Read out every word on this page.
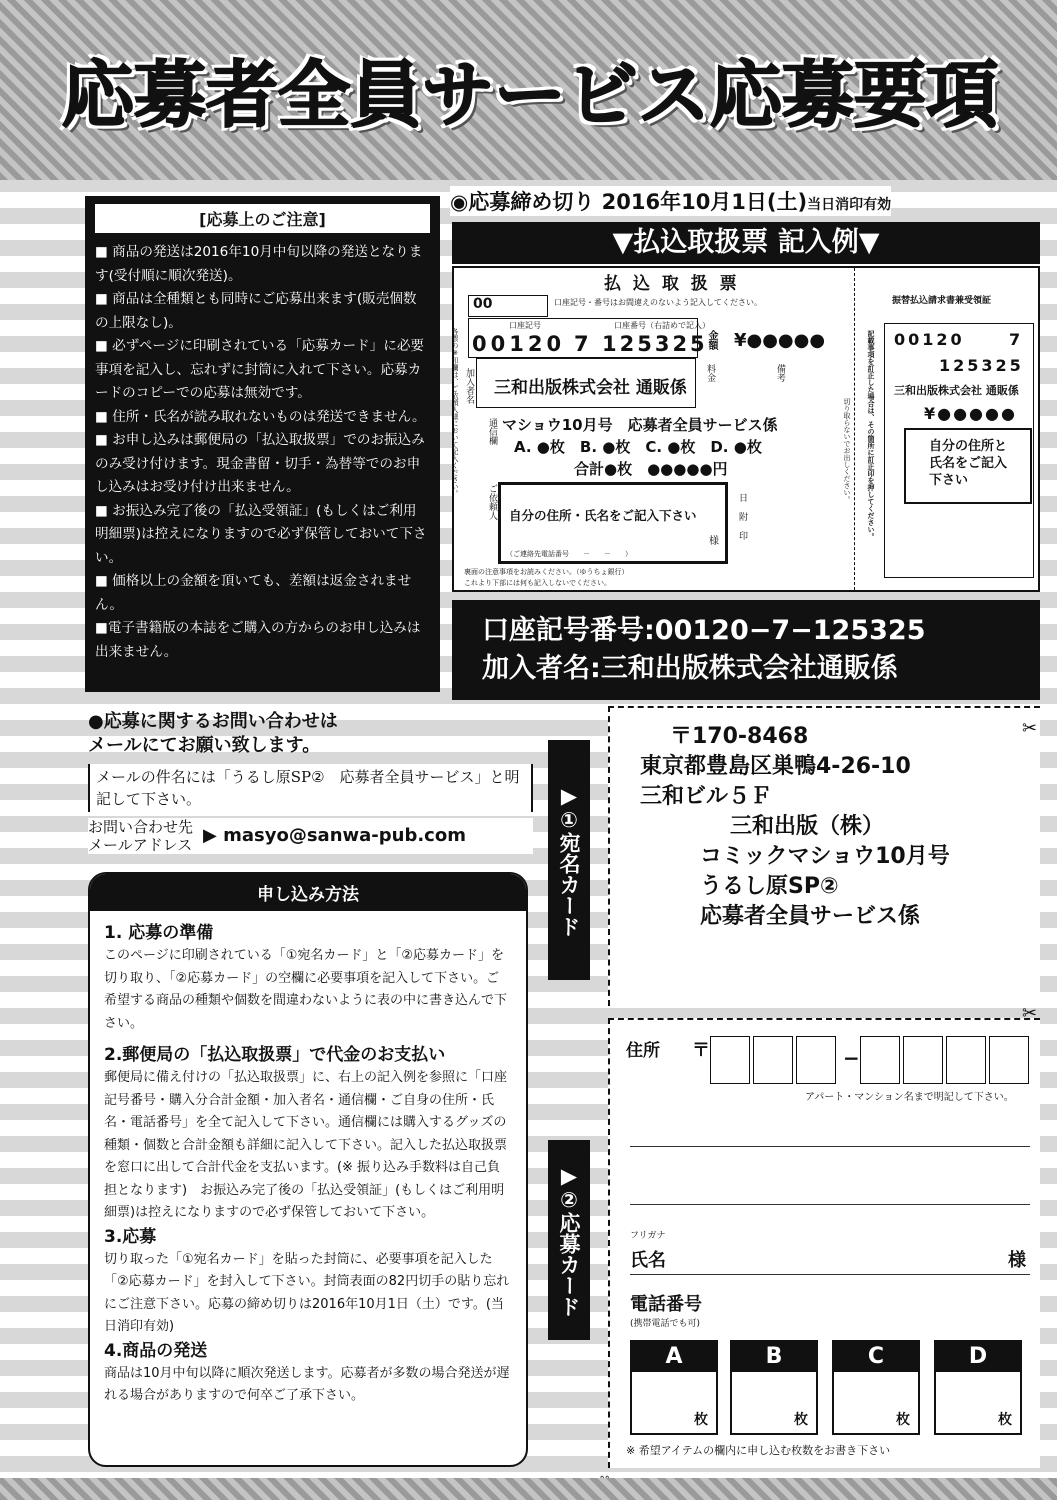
応募者全員サービス応募要項
◉応募締め切り 2016年10月1日(土)当日消印有効
[応募上のご注意]

■ 商品の発送は2016年10月中旬以降の発送となります(受付順に順次発送)。

■ 商品は全種類とも同時にご応募出来ます(販売個数の上限なし)。

■ 必ずページに印刷されている「応募カード」に必要事項を記入し、忘れずに封筒に入れて下さい。応募カードのコピーでの応募は無効です。

■ 住所・氏名が読み取れないものは発送できません。

■ お申し込みは郵便局の「払込取扱票」でのお振込みのみ受け付けます。現金書留・切手・為替等でのお申し込みはお受け付け出来ません。

■ お振込み完了後の「払込受領証」(もしくはご利用明細票)は控えになりますので必ず保管しておいて下さい。

■ 価格以上の金額を頂いても、差額は返金されません。

■電子書籍版の本誌をご購入の方からのお申し込みは出来ません。

▼払込取扱票 記入例▼
払 込 取 扱 票
口座記号・番号はお間違えのないよう記入してください。
00
口座記号	口座番号（右詰めで記入）
00120 7 125325
金額 ¥●●●●●
加入者名 三和出版株式会社 通販係
料金	備考
各票の※印欄は、ご依頼人様において記入ください。	通信欄 マショウ10月号　応募者全員サービス係
A. ●枚　B. ●枚　C. ●枚　D. ●枚
合計●枚　●●●●●円
ご依頼人 自分の住所・氏名をご記入下さい
様
（ご連絡先電話番号　　－　　－　　）
日附印
裏面の注意事項をお読みください。（ゆうちょ銀行）
これより下部には何も記入しないでください。
切り取らないでお出しください。
振替払込請求書兼受領証
記載事項を訂正した場合は、その箇所に訂正印を押してください。 00120	7
125325
三和出版株式会社 通販係
¥●●●●●
自分の住所と氏名をご記入下さい
口座記号番号:00120−7−125325
加入者名:三和出版株式会社通販係
●応募に関するお問い合わせは
メールにてお願い致します。
メールの件名には「うるし原SP②　応募者全員サービス」と明記して下さい。
お問い合わせ先
メールアドレス ▶ masyo@sanwa-pub.com
申し込み方法
1. 応募の準備
このページに印刷されている「①宛名カード」と「②応募カード」を切り取り、「②応募カード」の空欄に必要事項を記入して下さい。ご希望する商品の種類や個数を間違わないように表の中に書き込んで下さい。
2.郵便局の「払込取扱票」で代金のお支払い
郵便局に備え付けの「払込取扱票」に、右上の記入例を参照に「口座記号番号・購入分合計金額・加入者名・通信欄・ご自身の住所・氏名・電話番号」を全て記入して下さい。通信欄には購入するグッズの種類・個数と合計金額も詳細に記入して下さい。記入した払込取扱票を窓口に出して合計代金を支払います。(※ 振り込み手数料は自己負担となります)　お振込み完了後の「払込受領証」(もしくはご利用明細票)は控えになりますので必ず保管しておいて下さい。
3.応募
切り取った「①宛名カード」を貼った封筒に、必要事項を記入した「②応募カード」を封入して下さい。封筒表面の82円切手の貼り忘れにご注意下さい。応募の締め切りは2016年10月1日（土）です。(当日消印有効)
4.商品の発送
商品は10月中旬以降に順次発送します。応募者が多数の場合発送が遅れる場合がありますので何卒ご了承下さい。
▶①宛名カード
▶②応募カード
〒170-8468
東京都豊島区巣鴨4-26-10
三和ビル５Ｆ
三和出版（株）
コミックマショウ10月号
うるし原SP②
応募者全員サービス係
住所 〒	−
アパート・マンション名まで明記して下さい。
フリガナ
氏名	様
電話番号
(携帯電話でも可)
A
枚
B
枚
C
枚
D
枚
※ 希望アイテムの欄内に申し込む枚数をお書き下さい
✂
✂
